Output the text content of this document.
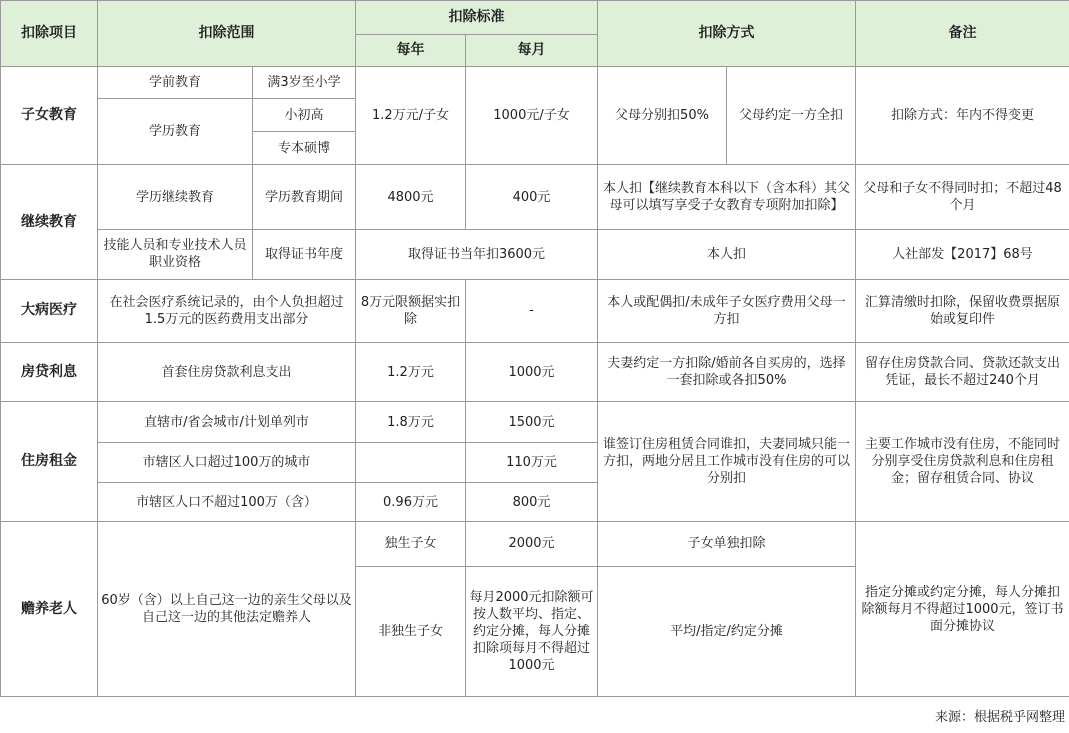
扣除项目	扣除范围		扣除标准		扣除方式		备注
			每年	每月			
子女教育	学前教育	满3岁至小学	1.2万元/子女	1000元/子女	父母分别扣50%	父母约定一方全扣	扣除方式：年内不得变更
	学历教育	小初高					
		专本硕博					
继续教育	学历继续教育	学历教育期间	4800元	400元	本人扣【继续教育本科以下（含本科）其父母可以填写享受子女教育专项附加扣除】		父母和子女不得同时扣；不超过48个月
	技能人员和专业技术人员职业资格	取得证书年度	取得证书当年扣3600元		本人扣		人社部发【2017】68号
大病医疗	在社会医疗系统记录的，由个人负担超过1.5万元的医药费用支出部分		8万元限额据实扣除	-	本人或配偶扣/未成年子女医疗费用父母一方扣		汇算清缴时扣除，保留收费票据原始或复印件
房贷利息	首套住房贷款利息支出		1.2万元	1000元	夫妻约定一方扣除/婚前各自买房的，选择一套扣除或各扣50%		留存住房贷款合同、贷款还款支出凭证，最长不超过240个月
住房租金	直辖市/省会城市/计划单列市		1.8万元	1500元	谁签订住房租赁合同谁扣，夫妻同城只能一方扣，两地分居且工作城市没有住房的可以分别扣		主要工作城市没有住房，不能同时分别享受住房贷款利息和住房租金；留存租赁合同、协议
	市辖区人口超过100万的城市			110万元			
	市辖区人口不超过100万（含）		0.96万元	800元			
赡养老人	60岁（含）以上自己这一边的亲生父母以及自己这一边的其他法定赡养人		独生子女	2000元	子女单独扣除		指定分摊或约定分摊，每人分摊扣除额每月不得超过1000元，签订书面分摊协议
			非独生子女	每月2000元扣除额可按人数平均、指定、约定分摊，每人分摊扣除项每月不得超过1000元	平均/指定/约定分摊		
来源：根据税乎网整理
